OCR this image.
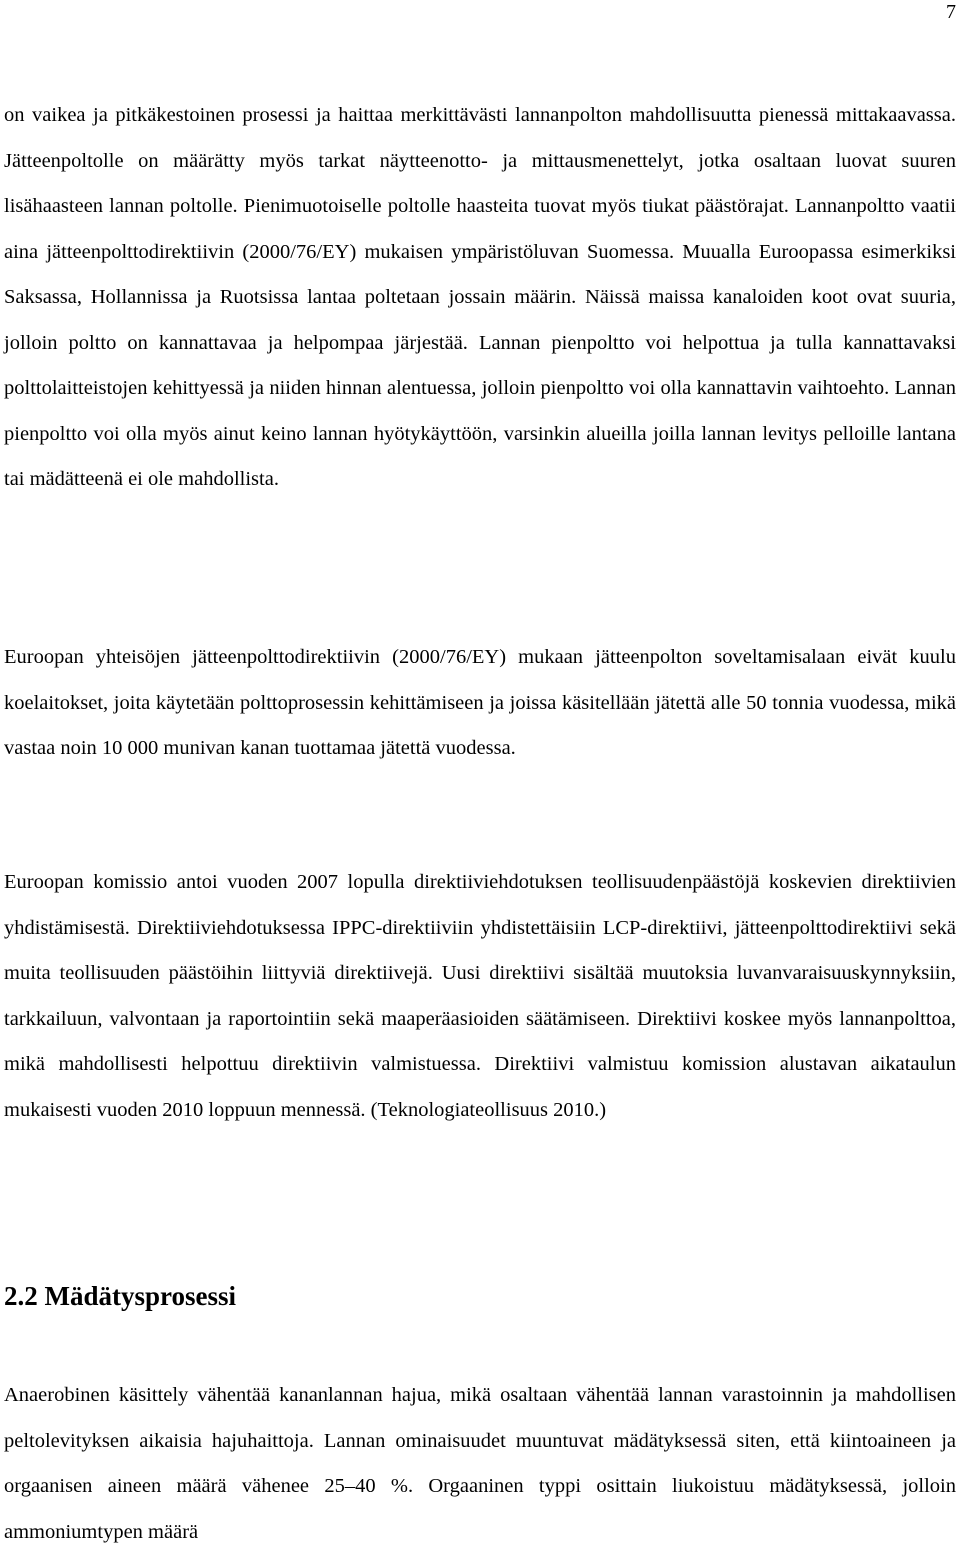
7

on vaikea ja pitkäkestoinen prosessi ja haittaa merkittävästi lannanpolton mahdollisuutta pienessä mittakaavassa. Jätteenpoltolle on määrätty myös tarkat näytteenotto- ja mittausmenettelyt, jotka osaltaan luovat suuren lisähaasteen lannan poltolle. Pienimuotoiselle poltolle haasteita tuovat myös tiukat päästörajat. Lannanpoltto vaatii aina jätteenpolttodirektiivin (2000/76/EY) mukaisen ympäristöluvan Suomessa. Muualla Euroopassa esimerkiksi Saksassa, Hollannissa ja Ruotsissa lantaa poltetaan jossain määrin. Näissä maissa kanaloiden koot ovat suuria, jolloin poltto on kannattavaa ja helpompaa järjestää. Lannan pienpoltto voi helpottua ja tulla kannattavaksi polttolaitteistojen kehittyessä ja niiden hinnan alentuessa, jolloin pienpoltto voi olla kannattavin vaihtoehto. Lannan pienpoltto voi olla myös ainut keino lannan hyötykäyttöön, varsinkin alueilla joilla lannan levitys pelloille lantana tai mädätteenä ei ole mahdollista.

Euroopan yhteisöjen jätteenpolttodirektiivin (2000/76/EY) mukaan jätteenpolton soveltamisalaan eivät kuulu koelaitokset, joita käytetään polttoprosessin kehittämiseen ja joissa käsitellään jätettä alle 50 tonnia vuodessa, mikä vastaa noin 10 000 munivan kanan tuottamaa jätettä vuodessa.

Euroopan komissio antoi vuoden 2007 lopulla direktiiviehdotuksen teollisuudenpäästöjä koskevien direktiivien yhdistämisestä. Direktiiviehdotuksessa IPPC-direktiiviin yhdistettäisiin LCP-direktiivi, jätteenpolttodirektiivi sekä muita teollisuuden päästöihin liittyviä direktiivejä. Uusi direktiivi sisältää muutoksia luvanvaraisuuskynnyksiin, tarkkailuun, valvontaan ja raportointiin sekä maaperäasioiden säätämiseen. Direktiivi koskee myös lannanpolttoa, mikä mahdollisesti helpottuu direktiivin valmistuessa. Direktiivi valmistuu komission alustavan aikataulun mukaisesti vuoden 2010 loppuun mennessä. (Teknologiateollisuus 2010.)

2.2 Mädätysprosessi

Anaerobinen käsittely vähentää kananlannan hajua, mikä osaltaan vähentää lannan varastoinnin ja mahdollisen peltolevityksen aikaisia hajuhaittoja. Lannan ominaisuudet muuntuvat mädätyksessä siten, että kiintoaineen ja orgaanisen aineen määrä vähenee 25–40 %. Orgaaninen typpi osittain liukoistuu mädätyksessä, jolloin ammoniumtypen määrä
